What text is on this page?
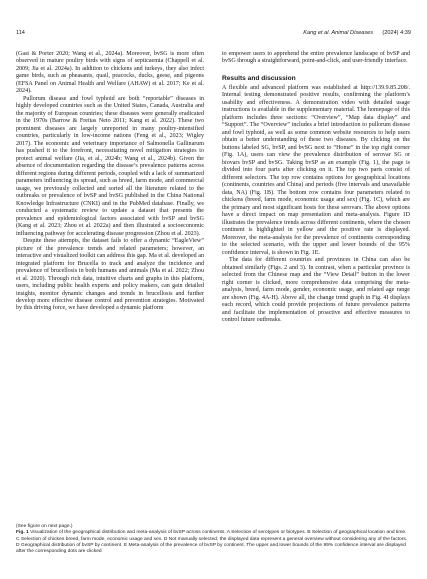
114	Kang et al. Animal Diseases (2024) 4:39

(Gast & Porter 2020; Wang et al., 2024a). Moreover, bvSG is more often observed in mature poultry birds with signs of septicaemia (Chappell et al. 2009; Jia et al. 2024a). In addition to chickens and turkeys, they also infect game birds, such as pheasants, quail, peacocks, ducks, geese, and pigeons (EFSA Panel on Animal Health and Welfare (AHAW) et al. 2017; Ke et al. 2024).

Pullorum disease and fowl typhoid are both “reportable” diseases in highly developed countries such as the United States, Canada, Australia and the majority of European countries; these diseases were generally eradicated in the 1970s (Barrow & Freitas Neto 2011; Kang et al. 2022). These two prominent diseases are largely unreported in many poultry-intensified countries, particularly in low-income nations (Feng et al., 2023; Wigley 2017). The economic and veterinary importance of Salmonella Gallinarum has pushed it to the forefront, necessitating novel mitigation strategies to protect animal welfare (Jia, et al., 2024b; Wang et al., 2024b). Given the absence of documentation regarding the disease’s prevalence patterns across different regions during different periods, coupled with a lack of summarized parameters influencing its spread, such as breed, farm mode, and commercial usage, we previously collected and sorted all the literature related to the outbreaks or prevalence of bvSP and bvSG published in the China National Knowledge Infrastructure (CNKI) and in the PubMed database. Finally, we conducted a systematic review to update a dataset that presents the prevalence and epidemiological factors associated with bvSP and bvSG (Kang et al. 2023; Zhou et al. 2022a) and then illustrated a socioeconomic influencing pathway for accelerating disease progression (Zhou et al. 2023).

Despite these attempts, the dataset fails to offer a dynamic “EagleView” picture of the prevalence trends and related parameters; however, an interactive and visualized toolkit can address this gap. Ma et al. developed an integrated platform for Brucella to track and analyze the incidence and prevalence of brucellosis in both humans and animals (Ma et al. 2022; Zhou et al. 2020). Through rich data, intuitive charts and graphs in this platform, users, including public health experts and policy makers, can gain detailed insights, monitor dynamic changes and trends in brucellosis and further develop more effective disease control and prevention strategies. Motivated by this driving force, we have developed a dynamic platform

to empower users to apprehend the entire prevalence landscape of bvSP and bvSG through a straightforward, point-and-click, and user-friendly interface.

Results and discussion

A flexible and advanced platform was established at http://139.9.85.208/. Internal testing demonstrated positive results, confirming the platform’s usability and effectiveness. A demonstration video with detailed usage instructions is available in the supplementary material. The homepage of this platform includes three sections: “Overview”, “Map data display” and “Support”. The “Overview” includes a brief introduction to pullorum disease and fowl typhoid, as well as some common website resources to help users obtain a better understanding of these two diseases. By clicking on the buttons labeled SG, bvSP, and bvSG next to “Home” in the top right corner (Fig. 1A), users can view the prevalence distribution of serovar SG or biovars bvSP and bvSG. Taking bvSP as an example (Fig. 1), the page is divided into four parts after clicking on it. The top two parts consist of different selectors. The top row contains options for geographical locations (continents, countries and China) and periods (five intervals and unavailable data, NA) (Fig. 1B). The bottom row contains four parameters related to chickens (breed, farm mode, economic usage and sex) (Fig. 1C), which are the primary and most significant hosts for these serovars. The above options have a direct impact on map presentation and meta-analysis. Figure 1D illustrates the prevalence trends across different continents, where the chosen continent is highlighted in yellow and the positive rate is displayed. Moreover, the meta-analysis for the prevalence of continents corresponding to the selected scenario, with the upper and lower bounds of the 95% confidence interval, is shown in Fig. 1E.

The data for different countries and provinces in China can also be obtained similarly (Figs. 2 and 3). In contrast, when a particular province is selected from the Chinese map and the “View Detail” button in the lower right corner is clicked, more comprehensive data comprising the meta-analysis, breed, farm mode, gender, economic usage, and related age range are shown (Fig. 4A-H). Above all, the change trend graph in Fig. 4I displays each record, which could provide projections of future prevalence patterns and facilitate the implementation of proactive and effective measures to control future outbreaks.

(See figure on next page.)

Fig. 1 Visualization of the geographical distribution and meta-analysis of bvSP across continents. A Selection of serotypes or biotypes. B Selection of geographical location and time. C Selection of chicken breed, farm mode, economic usage and sex. D Not manually selected, the displayed data represent a general overview without considering any of the factors. D Geographical distribution of bvSP by continent. E Meta-analysis of the prevalence of bvSP by continent. The upper and lower bounds of the 95% confidence interval are displayed after the corresponding dots are clicked
